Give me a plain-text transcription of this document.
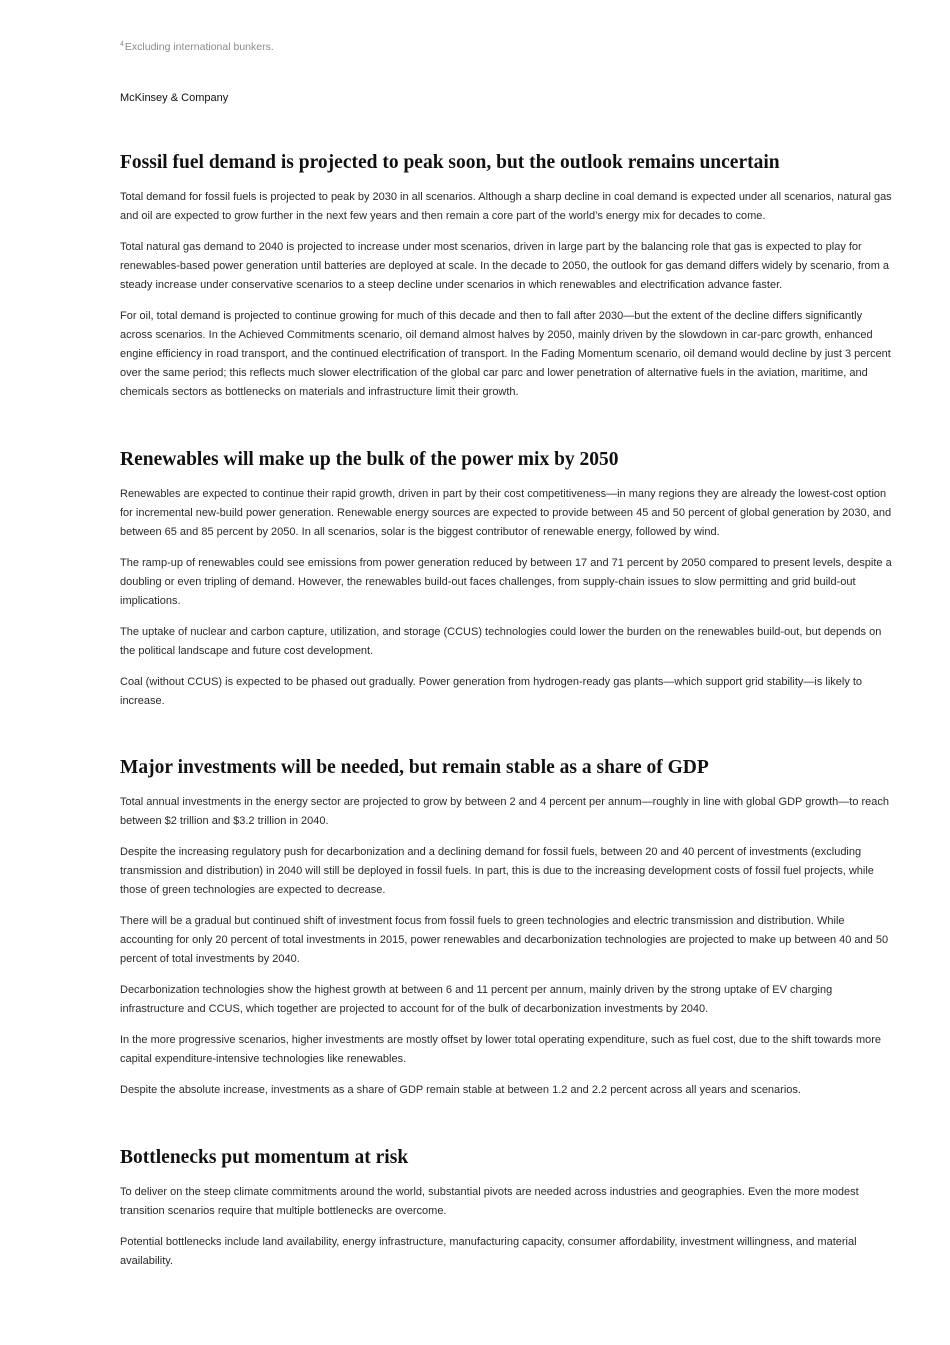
$^4$Excluding international bunkers.
McKinsey & Company
Fossil fuel demand is projected to peak soon, but the outlook remains uncertain

Total demand for fossil fuels is projected to peak by 2030 in all scenarios. Although a sharp decline in coal demand is expected under all scenarios, natural gas and oil are expected to grow further in the next few years and then remain a core part of the world’s energy mix for decades to come.

Total natural gas demand to 2040 is projected to increase under most scenarios, driven in large part by the balancing role that gas is expected to play for renewables-based power generation until batteries are deployed at scale. In the decade to 2050, the outlook for gas demand differs widely by scenario, from a steady increase under conservative scenarios to a steep decline under scenarios in which renewables and electrification advance faster.

For oil, total demand is projected to continue growing for much of this decade and then to fall after 2030—but the extent of the decline differs significantly across scenarios. In the Achieved Commitments scenario, oil demand almost halves by 2050, mainly driven by the slowdown in car-parc growth, enhanced engine efficiency in road transport, and the continued electrification of transport. In the Fading Momentum scenario, oil demand would decline by just 3 percent over the same period; this reflects much slower electrification of the global car parc and lower penetration of alternative fuels in the aviation, maritime, and chemicals sectors as bottlenecks on materials and infrastructure limit their growth.

Renewables will make up the bulk of the power mix by 2050

Renewables are expected to continue their rapid growth, driven in part by their cost competitiveness—in many regions they are already the lowest-cost option for incremental new-build power generation. Renewable energy sources are expected to provide between 45 and 50 percent of global generation by 2030, and between 65 and 85 percent by 2050. In all scenarios, solar is the biggest contributor of renewable energy, followed by wind.

The ramp-up of renewables could see emissions from power generation reduced by between 17 and 71 percent by 2050 compared to present levels, despite a doubling or even tripling of demand. However, the renewables build-out faces challenges, from supply-chain issues to slow permitting and grid build-out implications.

The uptake of nuclear and carbon capture, utilization, and storage (CCUS) technologies could lower the burden on the renewables build-out, but depends on the political landscape and future cost development.

Coal (without CCUS) is expected to be phased out gradually. Power generation from hydrogen-ready gas plants—which support grid stability—is likely to increase.

Major investments will be needed, but remain stable as a share of GDP

Total annual investments in the energy sector are projected to grow by between 2 and 4 percent per annum—roughly in line with global GDP growth—to reach between $2 trillion and $3.2 trillion in 2040.

Despite the increasing regulatory push for decarbonization and a declining demand for fossil fuels, between 20 and 40 percent of investments (excluding transmission and distribution) in 2040 will still be deployed in fossil fuels. In part, this is due to the increasing development costs of fossil fuel projects, while those of green technologies are expected to decrease.

There will be a gradual but continued shift of investment focus from fossil fuels to green technologies and electric transmission and distribution. While accounting for only 20 percent of total investments in 2015, power renewables and decarbonization technologies are projected to make up between 40 and 50 percent of total investments by 2040.

Decarbonization technologies show the highest growth at between 6 and 11 percent per annum, mainly driven by the strong uptake of EV charging infrastructure and CCUS, which together are projected to account for of the bulk of decarbonization investments by 2040.

In the more progressive scenarios, higher investments are mostly offset by lower total operating expenditure, such as fuel cost, due to the shift towards more capital expenditure-intensive technologies like renewables.

Despite the absolute increase, investments as a share of GDP remain stable at between 1.2 and 2.2 percent across all years and scenarios.

Bottlenecks put momentum at risk

To deliver on the steep climate commitments around the world, substantial pivots are needed across industries and geographies. Even the more modest transition scenarios require that multiple bottlenecks are overcome.

Potential bottlenecks include land availability, energy infrastructure, manufacturing capacity, consumer affordability, investment willingness, and material availability.
